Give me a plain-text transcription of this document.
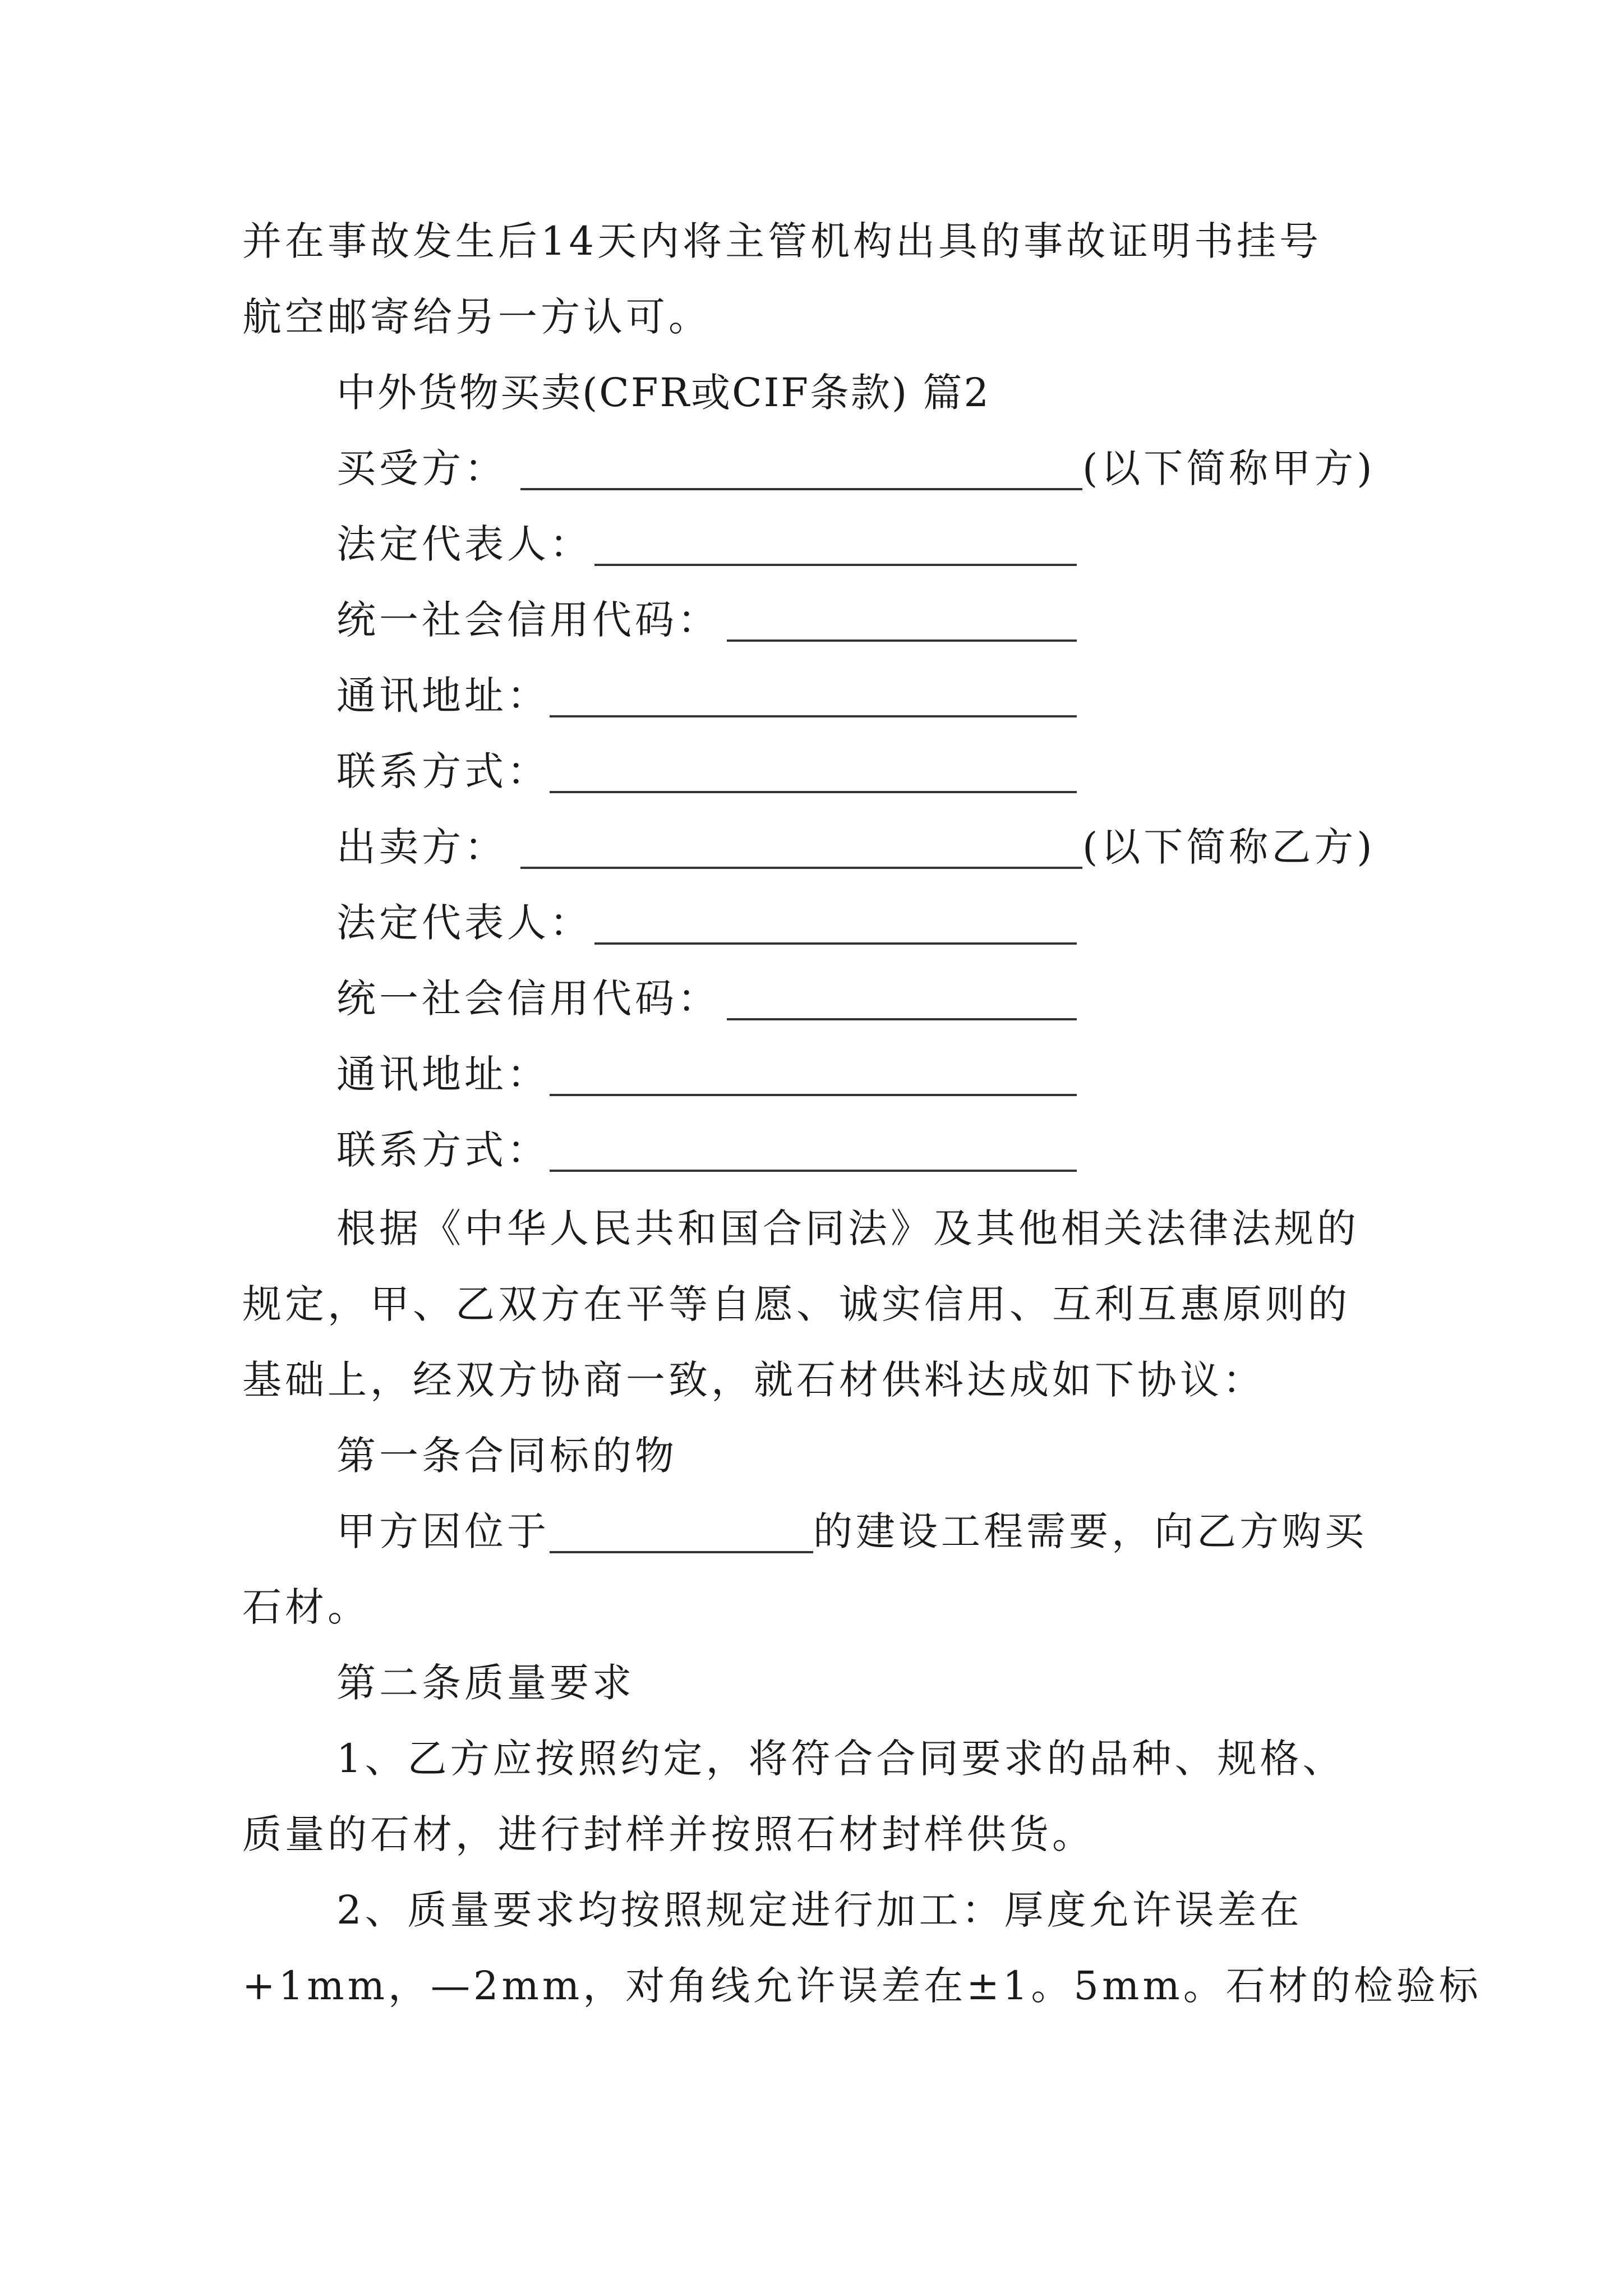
并在事故发生后14天内将主管机构出具的事故证明书挂号
航空邮寄给另一方认可。
中外货物买卖(CFR或CIF条款) 篇2
买受方：	(以下简称甲方)
法定代表人：
统一社会信用代码：
通讯地址：
联系方式：
出卖方：	(以下简称乙方)
法定代表人：
统一社会信用代码：
通讯地址：
联系方式：
根据《中华人民共和国合同法》及其他相关法律法规的
规定，甲、乙双方在平等自愿、诚实信用、互利互惠原则的
基础上，经双方协商一致，就石材供料达成如下协议：
第一条合同标的物
甲方因位于	的建设工程需要，向乙方购买
石材。
第二条质量要求
1、乙方应按照约定，将符合合同要求的品种、规格、
质量的石材，进行封样并按照石材封样供货。
2、质量要求均按照规定进行加工：厚度允许误差在
+1mm，—2mm，对角线允许误差在±1。5mm。石材的检验标
